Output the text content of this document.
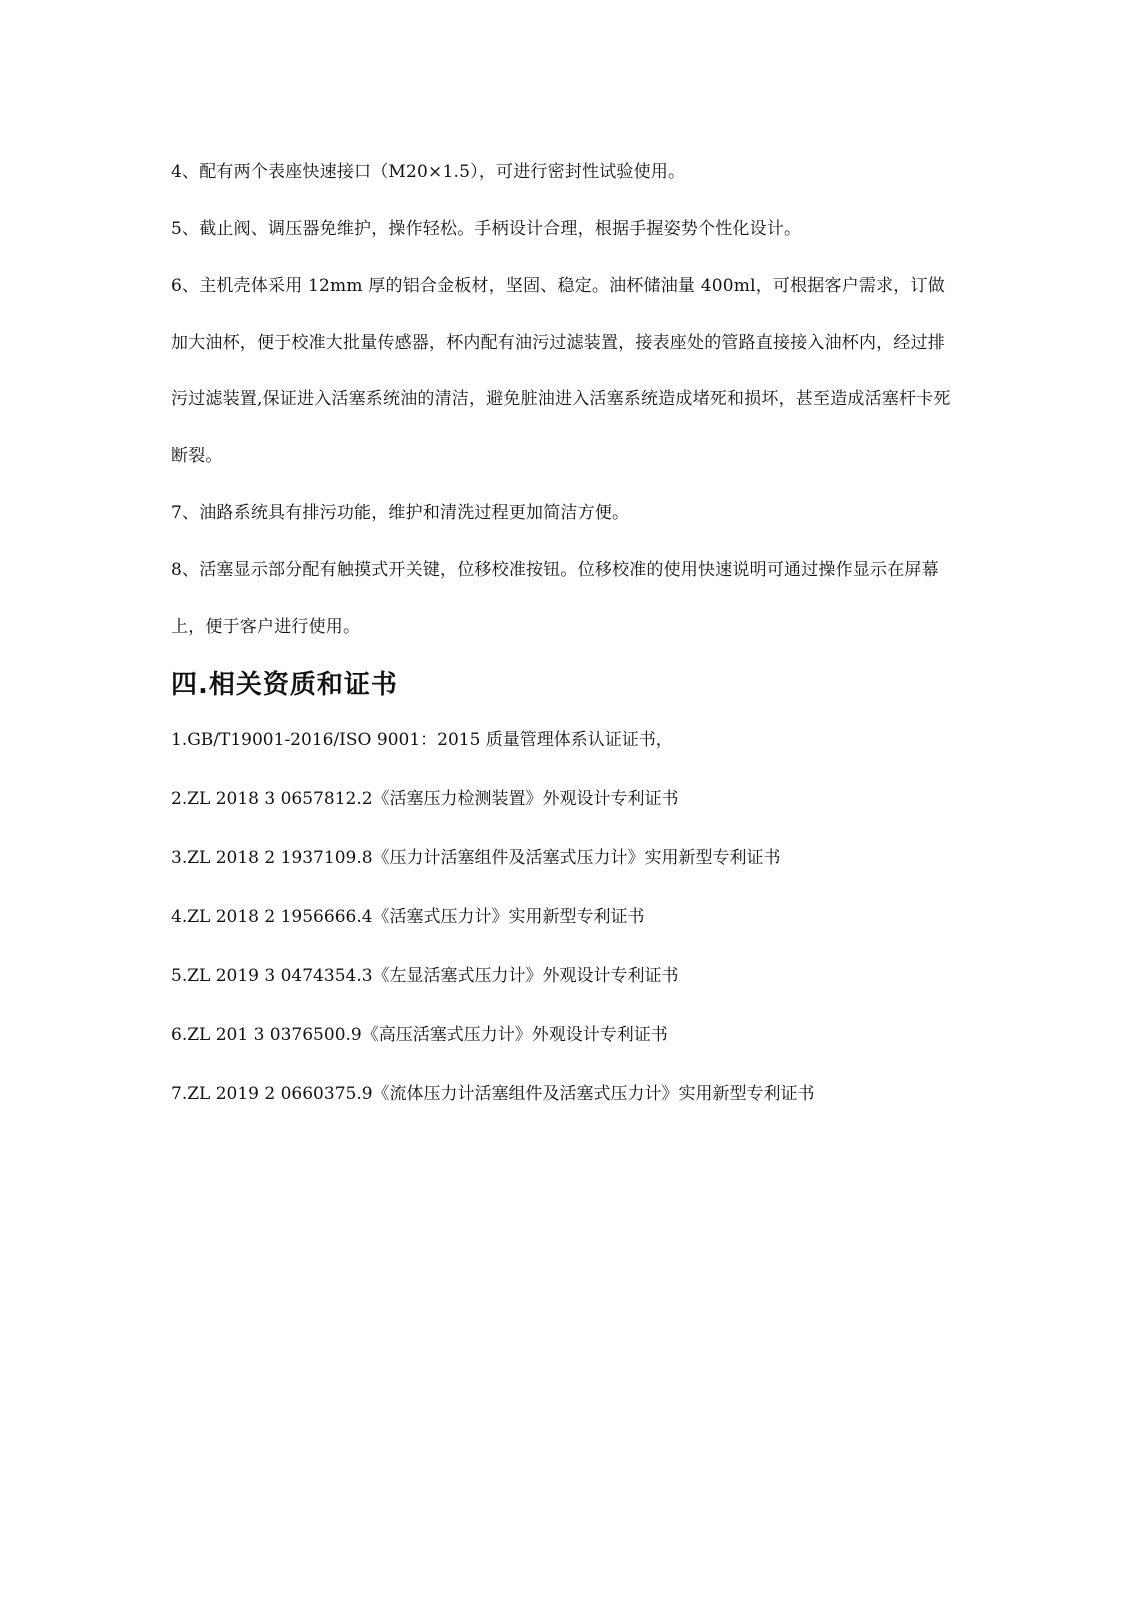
4、配有两个表座快速接口（M20×1.5），可进行密封性试验使用。

5、截止阀、调压器免维护，操作轻松。手柄设计合理，根据手握姿势个性化设计。

6、主机壳体采用 12mm 厚的铝合金板材，坚固、稳定。油杯储油量 400ml，可根据客户需求，订做加大油杯，便于校准大批量传感器，杯内配有油污过滤装置，接表座处的管路直接接入油杯内，经过排污过滤装置,保证进入活塞系统油的清洁，避免脏油进入活塞系统造成堵死和损坏，甚至造成活塞杆卡死断裂。

7、油路系统具有排污功能，维护和清洗过程更加简洁方便。

8、活塞显示部分配有触摸式开关键，位移校准按钮。位移校准的使用快速说明可通过操作显示在屏幕上，便于客户进行使用。

四.相关资质和证书
1.GB/T19001-2016/ISO 9001：2015 质量管理体系认证证书，
2.ZL 2018 3 0657812.2《活塞压力检测装置》外观设计专利证书
3.ZL 2018 2 1937109.8《压力计活塞组件及活塞式压力计》实用新型专利证书
4.ZL 2018 2 1956666.4《活塞式压力计》实用新型专利证书
5.ZL 2019 3 0474354.3《左显活塞式压力计》外观设计专利证书
6.ZL 201 3 0376500.9《高压活塞式压力计》外观设计专利证书
7.ZL 2019 2 0660375.9《流体压力计活塞组件及活塞式压力计》实用新型专利证书
